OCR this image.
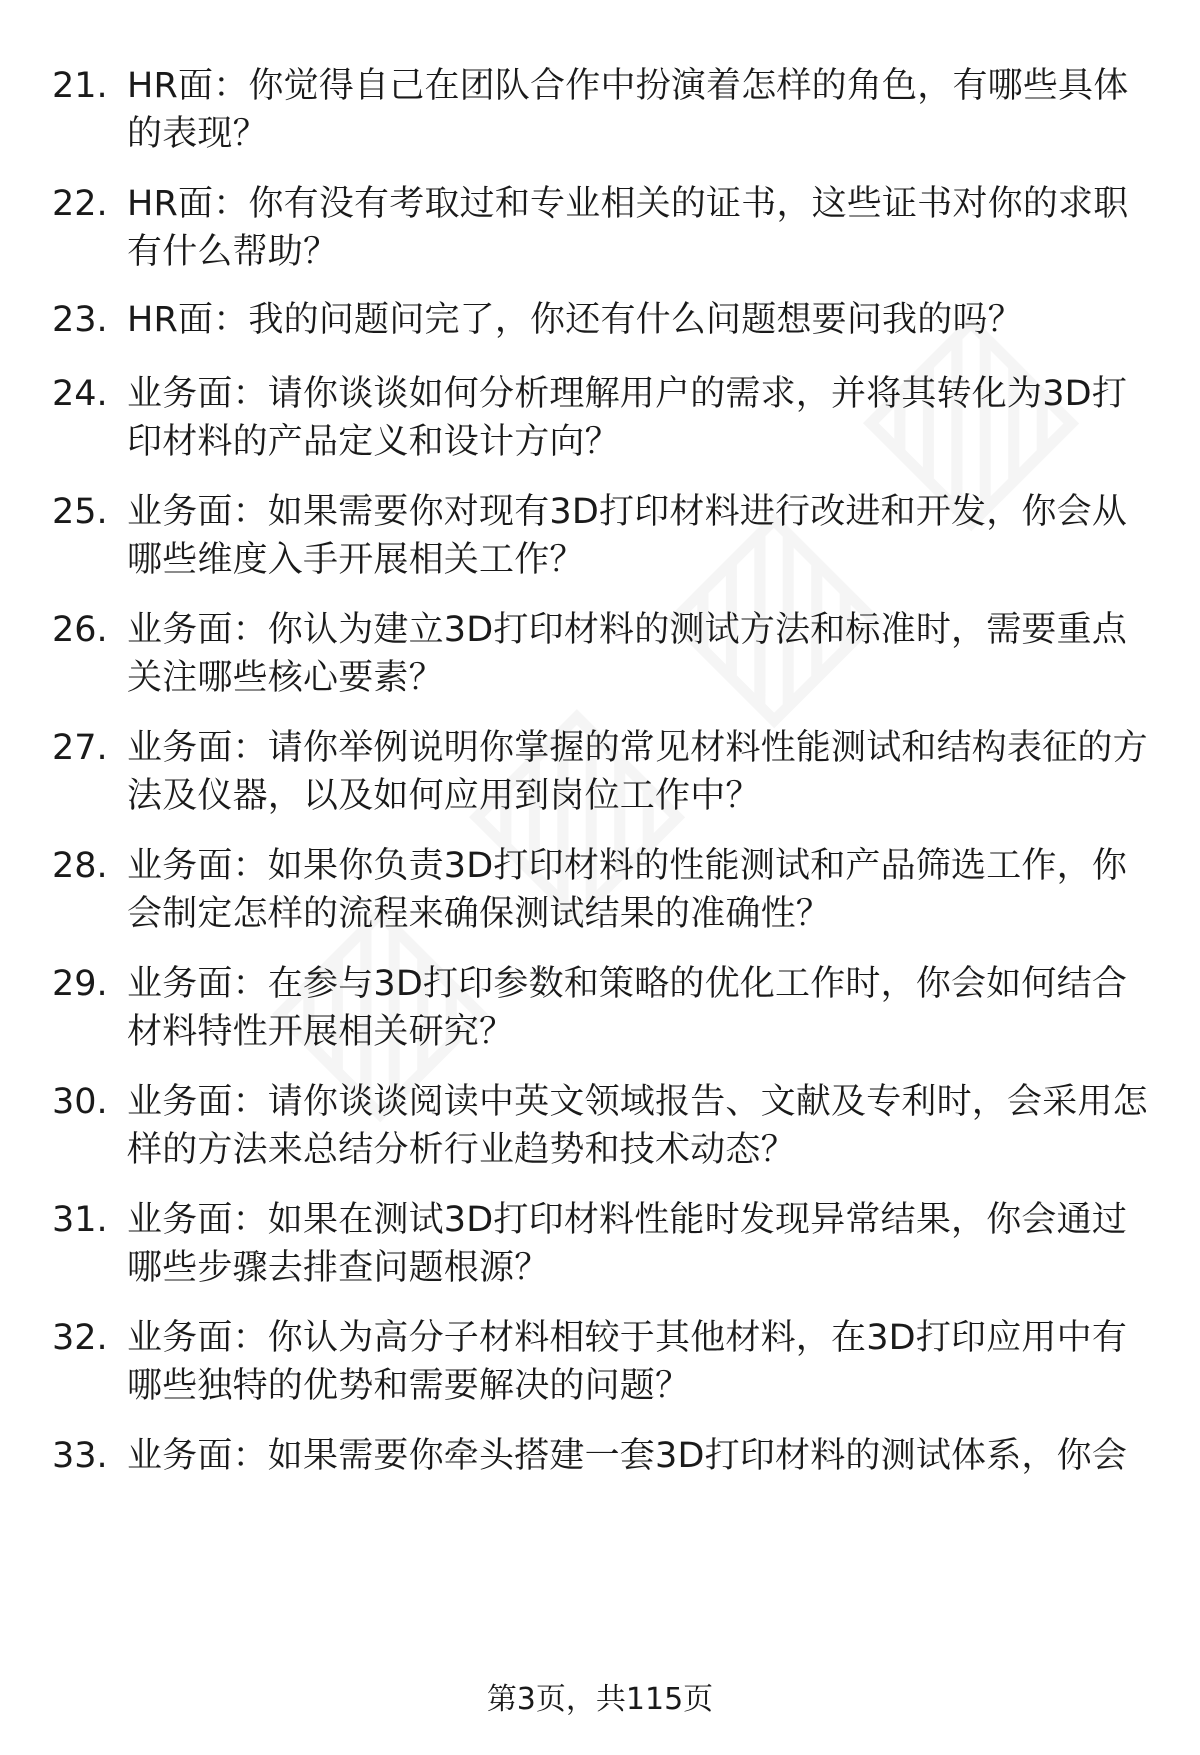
21. HR面：你觉得自己在团队合作中扮演着怎样的角色，有哪些具体的表现？
22. HR面：你有没有考取过和专业相关的证书，这些证书对你的求职有什么帮助？
23. HR面：我的问题问完了，你还有什么问题想要问我的吗？
24. 业务面：请你谈谈如何分析理解用户的需求，并将其转化为3D打印材料的产品定义和设计方向？
25. 业务面：如果需要你对现有3D打印材料进行改进和开发，你会从哪些维度入手开展相关工作？
26. 业务面：你认为建立3D打印材料的测试方法和标准时，需要重点关注哪些核心要素？
27. 业务面：请你举例说明你掌握的常见材料性能测试和结构表征的方法及仪器，以及如何应用到岗位工作中？
28. 业务面：如果你负责3D打印材料的性能测试和产品筛选工作，你会制定怎样的流程来确保测试结果的准确性？
29. 业务面：在参与3D打印参数和策略的优化工作时，你会如何结合材料特性开展相关研究？
30. 业务面：请你谈谈阅读中英文领域报告、文献及专利时，会采用怎样的方法来总结分析行业趋势和技术动态？
31. 业务面：如果在测试3D打印材料性能时发现异常结果，你会通过哪些步骤去排查问题根源？
32. 业务面：你认为高分子材料相较于其他材料，在3D打印应用中有哪些独特的优势和需要解决的问题？
33. 业务面：如果需要你牵头搭建一套3D打印材料的测试体系，你会
第3页，共115页
